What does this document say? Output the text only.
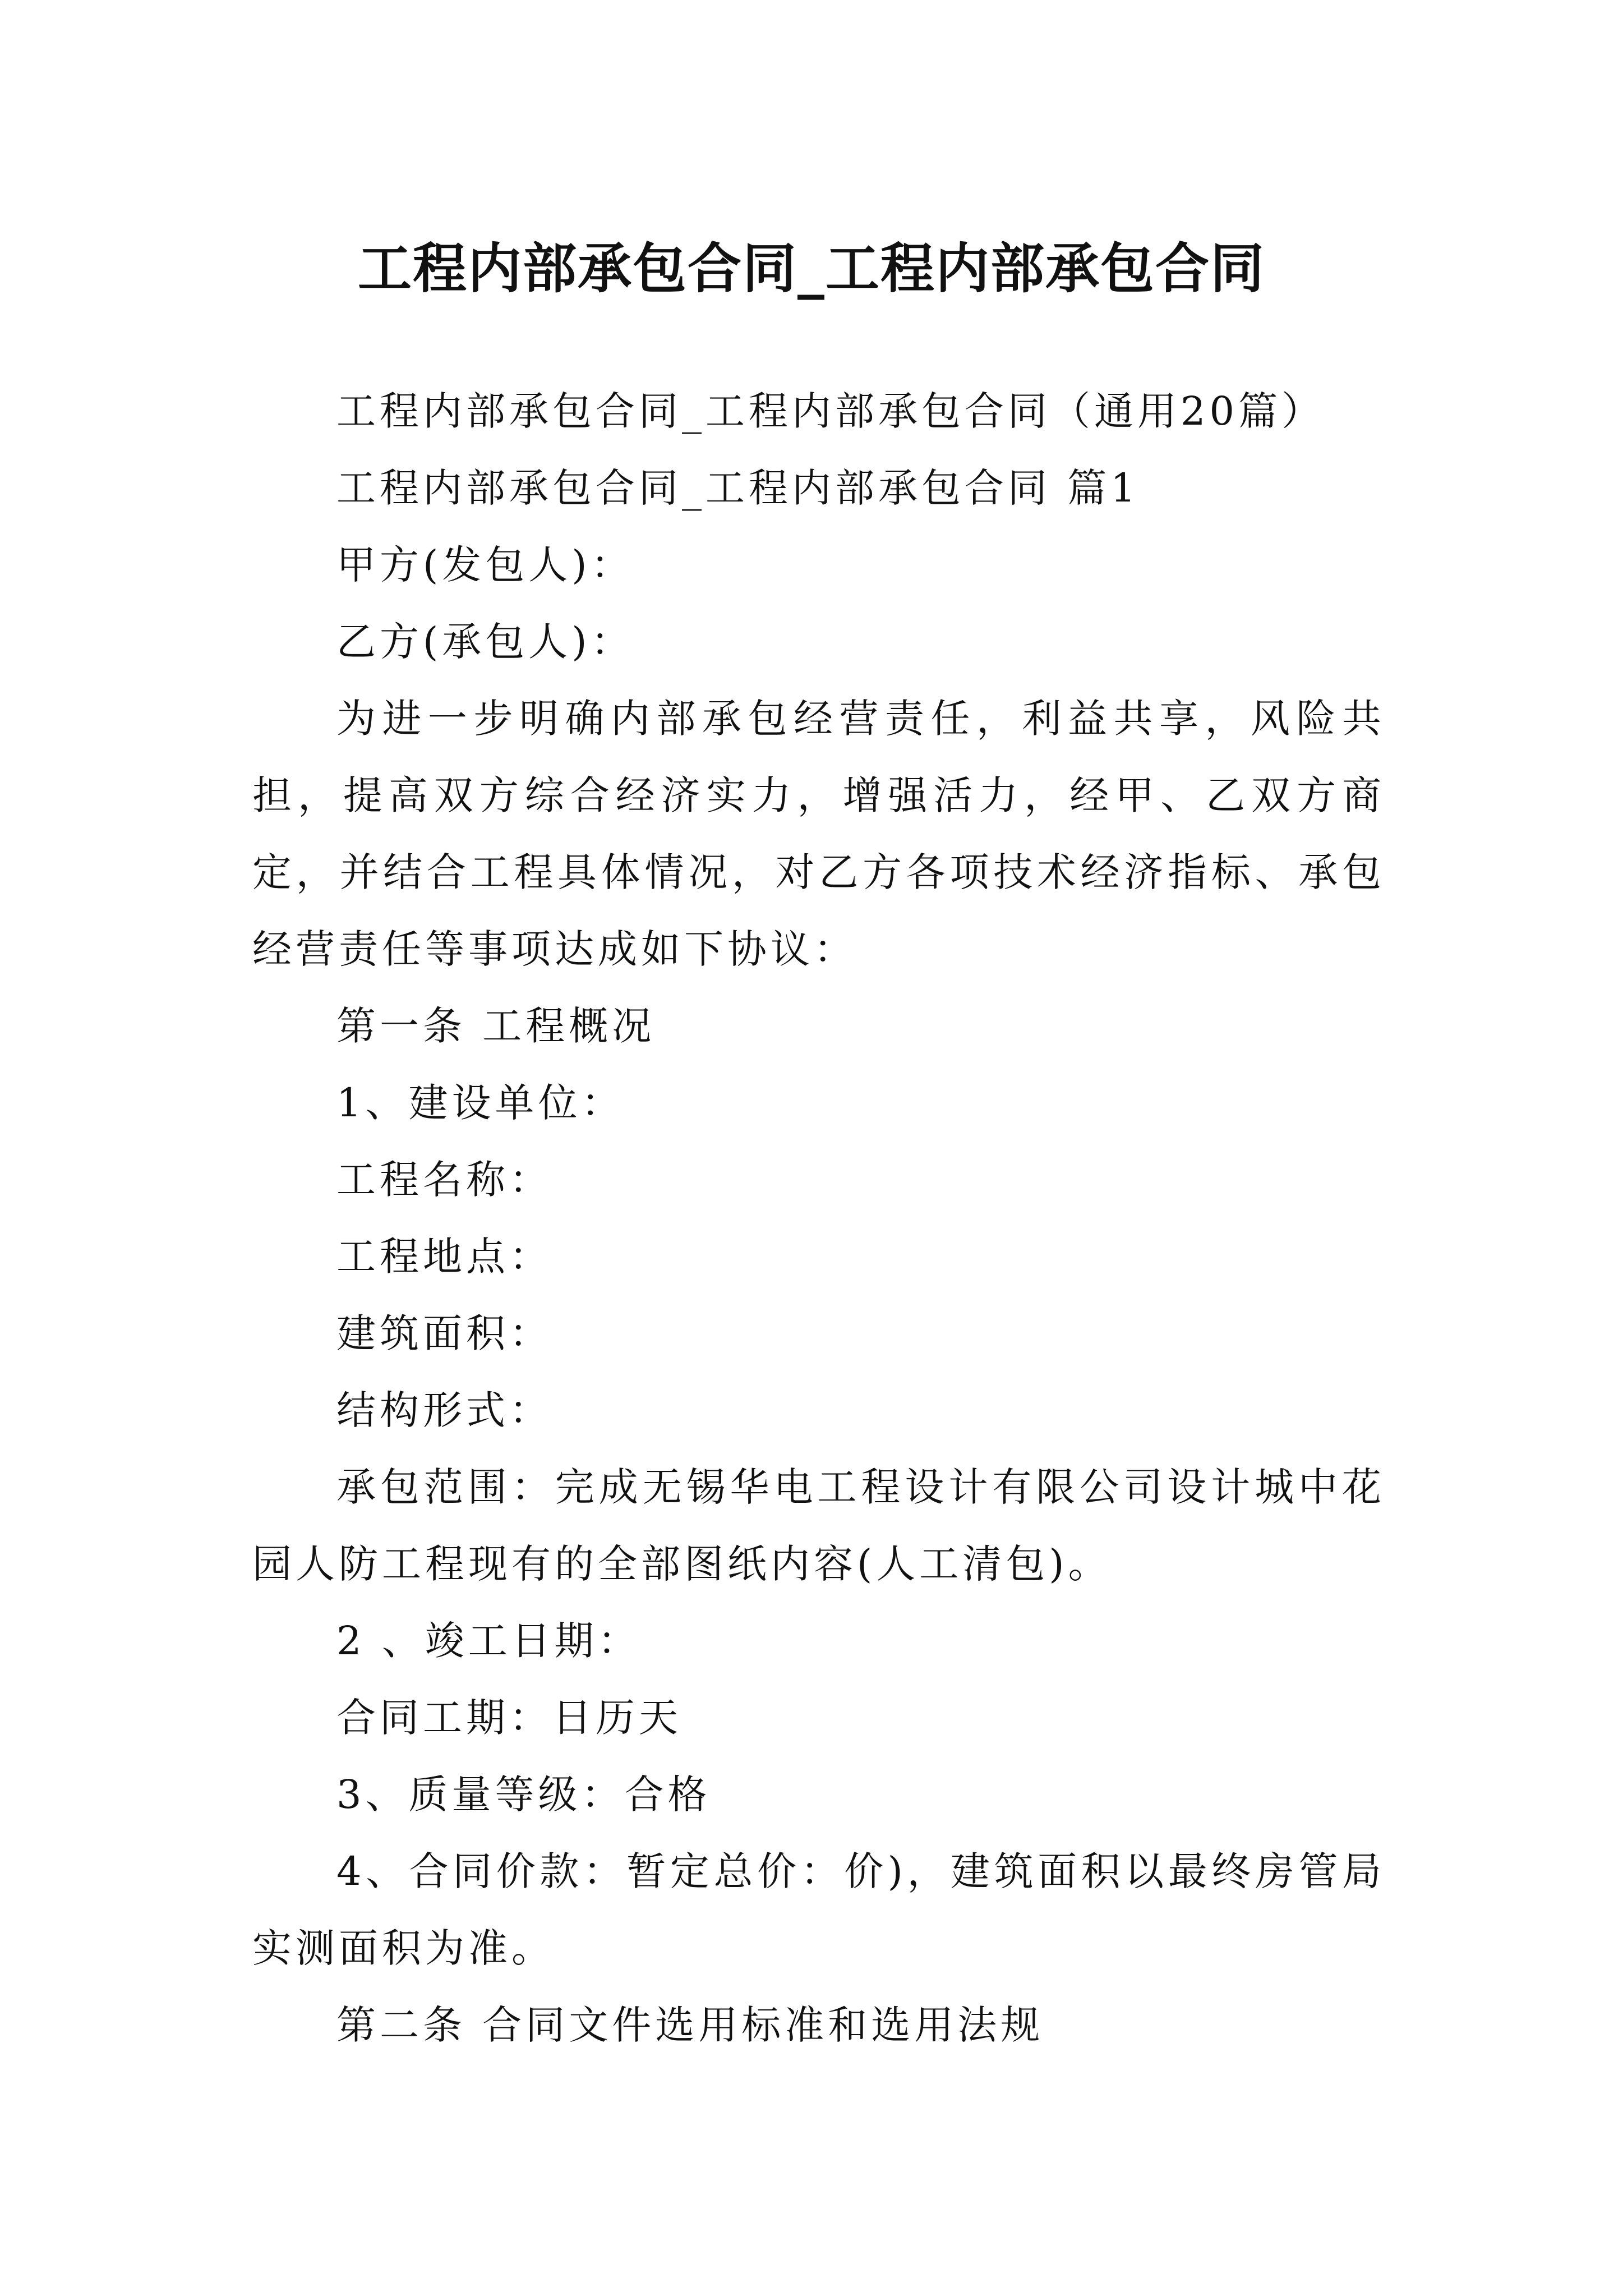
工程内部承包合同_工程内部承包合同

工程内部承包合同_工程内部承包合同（通用20篇）

工程内部承包合同_工程内部承包合同 篇1

甲方(发包人)：

乙方(承包人)：

为进一步明确内部承包经营责任，利益共享，风险共担，提高双方综合经济实力，增强活力，经甲、乙双方商定，并结合工程具体情况，对乙方各项技术经济指标、承包经营责任等事项达成如下协议：

第一条 工程概况

1、建设单位：

工程名称：

工程地点：

建筑面积：

结构形式：

承包范围：完成无锡华电工程设计有限公司设计城中花园人防工程现有的全部图纸内容(人工清包)。

2 、竣工日期：

合同工期：日历天

3、质量等级：合格

4、合同价款：暂定总价：价)，建筑面积以最终房管局实测面积为准。

第二条 合同文件选用标准和选用法规
